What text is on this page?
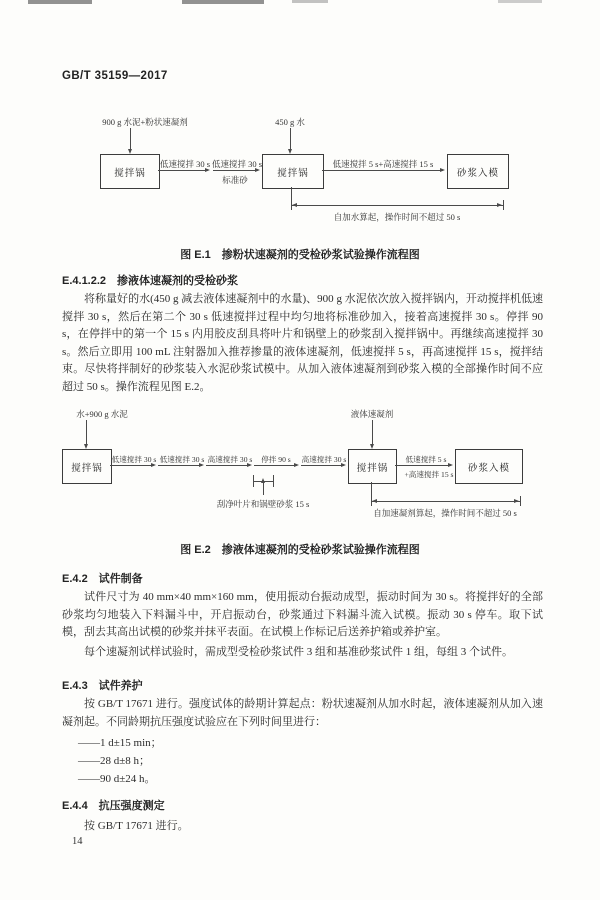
GB/T 35159—2017
900 g 水泥+粉状速凝剂	450 g 水
搅拌锅	搅拌锅	砂浆入模
低速搅拌 30 s 低速搅拌 30 s
标准砂
低速搅拌 5 s+高速搅拌 15 s
自加水算起，操作时间不超过 50 s
图 E.1　掺粉状速凝剂的受检砂浆试验操作流程图
E.4.1.2.2　掺液体速凝剂的受检砂浆
将称量好的水(450 g 减去液体速凝剂中的水量)、900 g 水泥依次放入搅拌锅内，开动搅拌机低速搅拌 30 s，然后在第二个 30 s 低速搅拌过程中均匀地将标准砂加入，接着高速搅拌 30 s。停拌 90 s，在停拌中的第一个 15 s 内用胶皮刮具将叶片和锅壁上的砂浆刮入搅拌锅中。再继续高速搅拌 30 s。然后立即用 100 mL 注射器加入推荐掺量的液体速凝剂，低速搅拌 5 s，再高速搅拌 15 s，搅拌结束。尽快将拌制好的砂浆装入水泥砂浆试模中。从加入液体速凝剂到砂浆入模的全部操作时间不应超过 50 s。操作流程见图 E.2。
水+900 g 水泥	液体速凝剂
搅拌锅	搅拌锅	砂浆入模
低速搅拌 30 s 低速搅拌 30 s 高速搅拌 30 s	停拌 90 s	高速搅拌 30 s
刮净叶片和锅壁砂浆 15 s
低速搅拌 5 s
+高速搅拌 15 s
自加速凝剂算起，操作时间不超过 50 s
图 E.2　掺液体速凝剂的受检砂浆试验操作流程图
E.4.2　试件制备
试件尺寸为 40 mm×40 mm×160 mm，使用振动台振动成型，振动时间为 30 s。将搅拌好的全部砂浆均匀地装入下料漏斗中，开启振动台，砂浆通过下料漏斗流入试模。振动 30 s 停车。取下试模，刮去其高出试模的砂浆并抹平表面。在试模上作标记后送养护箱或养护室。
每个速凝剂试样试验时，需成型受检砂浆试件 3 组和基准砂浆试件 1 组，每组 3 个试件。
E.4.3　试件养护
按 GB/T 17671 进行。强度试体的龄期计算起点：粉状速凝剂从加水时起，液体速凝剂从加入速凝剂起。不同龄期抗压强度试验应在下列时间里进行：
——1 d±15 min；
——28 d±8 h；
——90 d±24 h。
E.4.4　抗压强度测定
按 GB/T 17671 进行。
14
